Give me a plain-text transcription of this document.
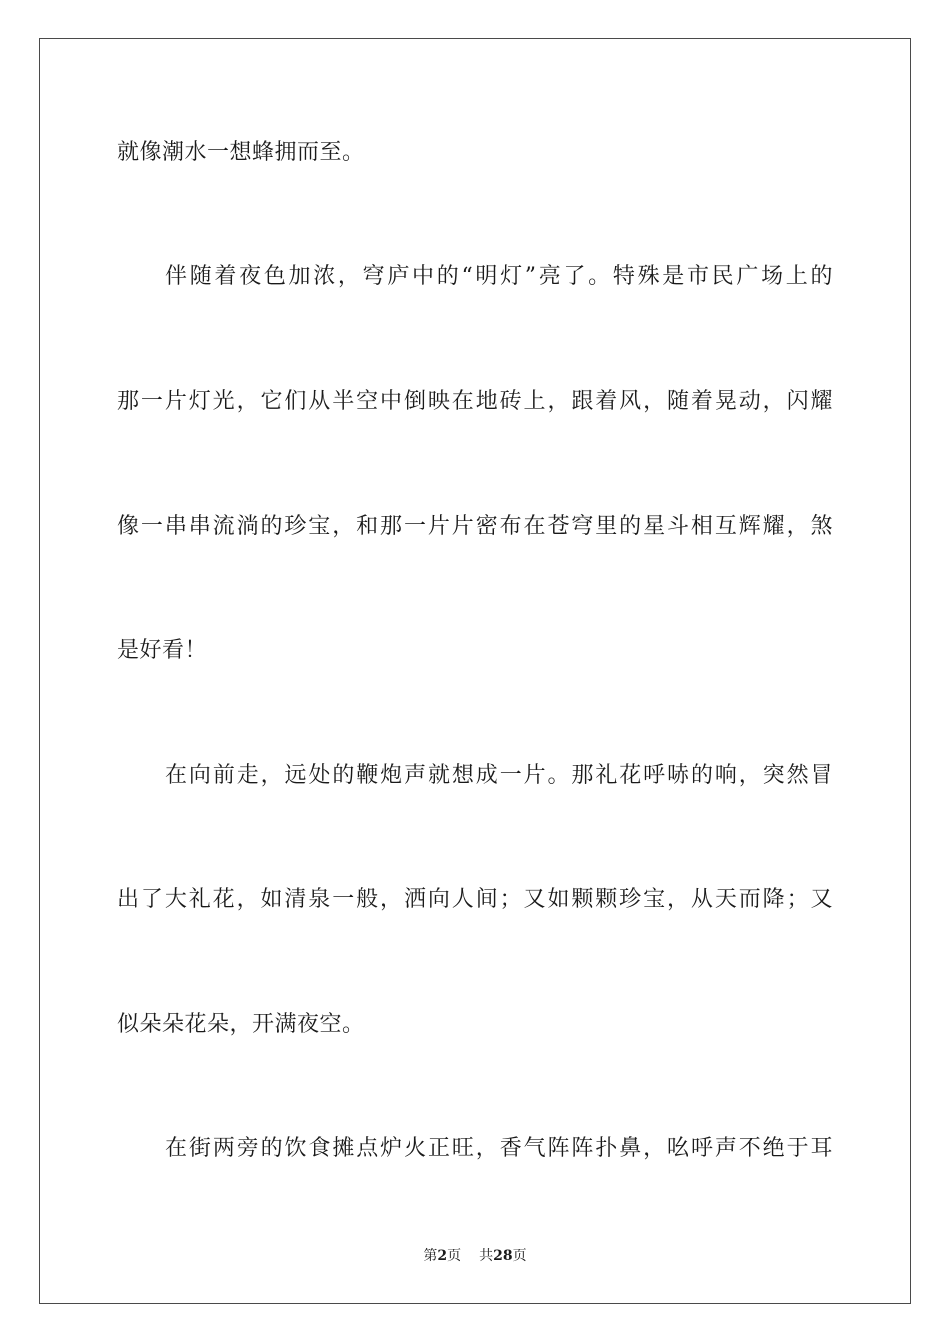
就像潮水一想蜂拥而至。

伴随着夜色加浓，穹庐中的“明灯”亮了。特殊是市民广场上的

那一片灯光，它们从半空中倒映在地砖上，跟着风，随着晃动，闪耀

像一串串流淌的珍宝，和那一片片密布在苍穹里的星斗相互辉耀，煞

是好看！

在向前走，远处的鞭炮声就想成一片。那礼花呼哧的响，突然冒

出了大礼花，如清泉一般，洒向人间；又如颗颗珍宝，从天而降；又

似朵朵花朵，开满夜空。

在街两旁的饮食摊点炉火正旺，香气阵阵扑鼻，吆呼声不绝于耳

第2页 共28页
